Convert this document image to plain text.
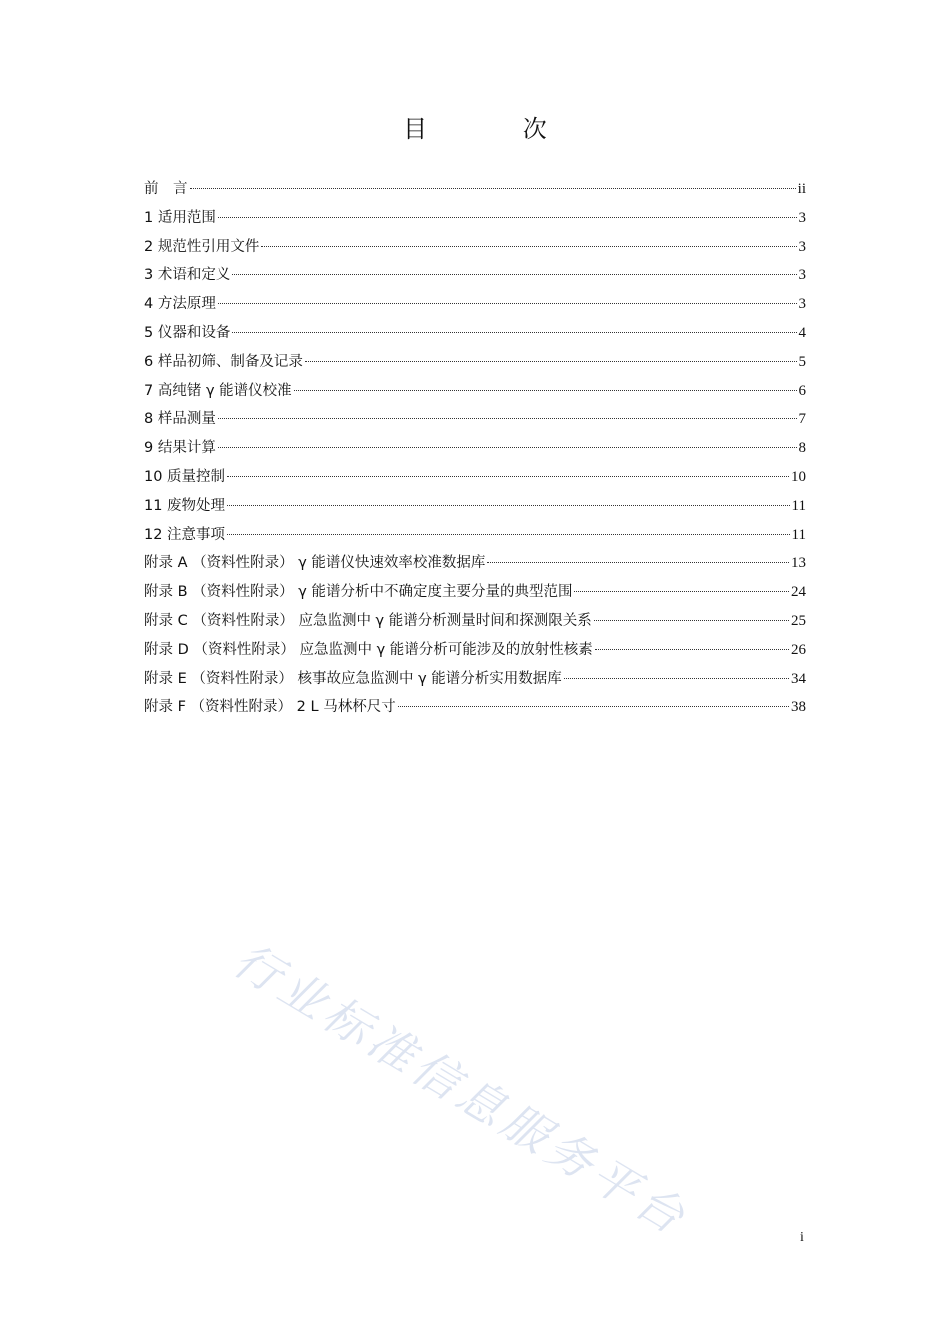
目 次
前　言	ii
1 适用范围	3
2 规范性引用文件	3
3 术语和定义	3
4 方法原理	3
5 仪器和设备	4
6 样品初筛、制备及记录	5
7 高纯锗 γ 能谱仪校准	6
8 样品测量	7
9 结果计算	8
10 质量控制	10
11 废物处理	11
12 注意事项	11
附录 A （资料性附录） γ 能谱仪快速效率校准数据库	13
附录 B （资料性附录） γ 能谱分析中不确定度主要分量的典型范围	24
附录 C （资料性附录） 应急监测中 γ 能谱分析测量时间和探测限关系	25
附录 D （资料性附录） 应急监测中 γ 能谱分析可能涉及的放射性核素	26
附录 E （资料性附录） 核事故应急监测中 γ 能谱分析实用数据库	34
附录 F （资料性附录） 2 L 马林杯尺寸	38
行业标准信息服务平台	i
